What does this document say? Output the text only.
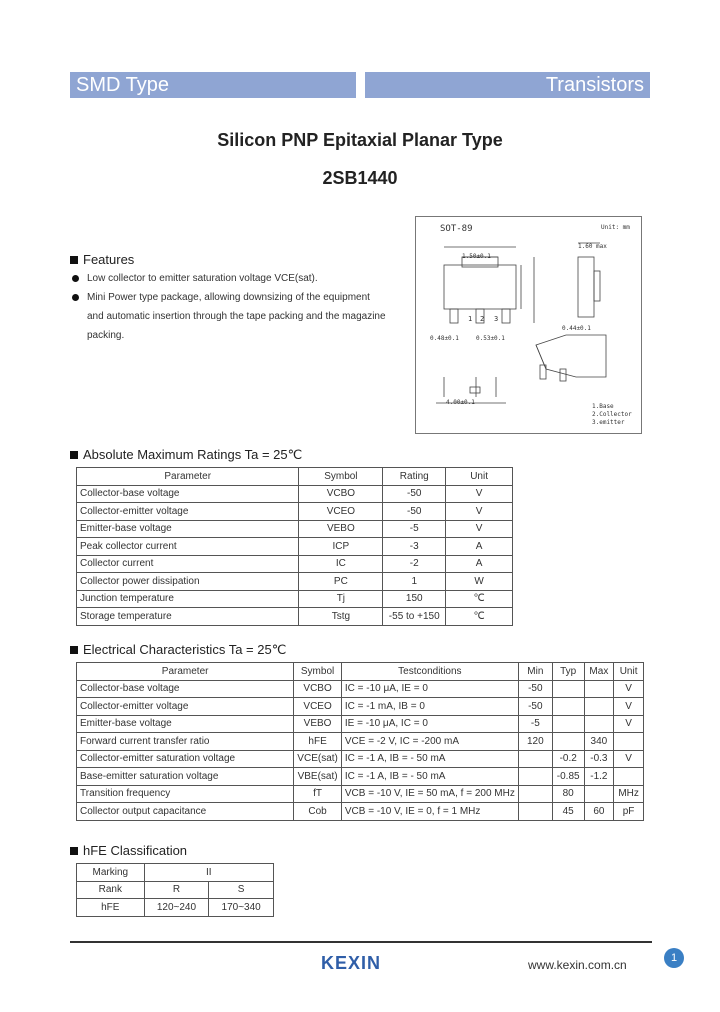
SMD Type	Transistors
Silicon PNP Epitaxial Planar Type
2SB1440
Features
Low collector to emitter saturation voltage VCE(sat).
Mini Power type package, allowing downsizing of the equipment
and automatic insertion through the tape packing and the magazine
packing.
SOT-89	Unit: mm
1 2 3
1.50±0.1
1.60 max
0.48±0.1	0.53±0.1
0.44±0.1
4.00±0.1
1.Base
2.Collector
3.emitter
Absolute Maximum Ratings Ta = 25℃
Parameter	Symbol	Rating	Unit
Collector-base voltage	VCBO	-50	V
Collector-emitter voltage	VCEO	-50	V
Emitter-base voltage	VEBO	-5	V
Peak collector current	ICP	-3	A
Collector current	IC	-2	A
Collector power dissipation	PC	1	W
Junction temperature	Tj	150	℃
Storage temperature	Tstg	-55 to +150	℃
Electrical Characteristics Ta = 25℃
Parameter	Symbol	Testconditions	Min	Typ	Max	Unit
Collector-base voltage	VCBO	IC = -10 μA, IE = 0	-50			V
Collector-emitter voltage	VCEO	IC = -1 mA, IB = 0	-50			V
Emitter-base voltage	VEBO	IE = -10 μA, IC = 0	-5			V
Forward current transfer ratio	hFE	VCE = -2 V, IC = -200 mA	120		340	
Collector-emitter saturation voltage	VCE(sat)	IC = -1 A, IB = - 50 mA		-0.2	-0.3	V
Base-emitter saturation voltage	VBE(sat)	IC = -1 A, IB = - 50 mA		-0.85	-1.2	
Transition frequency	fT	VCB = -10 V, IE = 50 mA, f = 200 MHz		80		MHz
Collector output capacitance	Cob	VCB = -10 V, IE = 0, f = 1 MHz		45	60	pF
hFE Classification
Marking	II	
Rank	R	S
hFE	120~240	170~340
KEXIN	www.kexin.com.cn	1
